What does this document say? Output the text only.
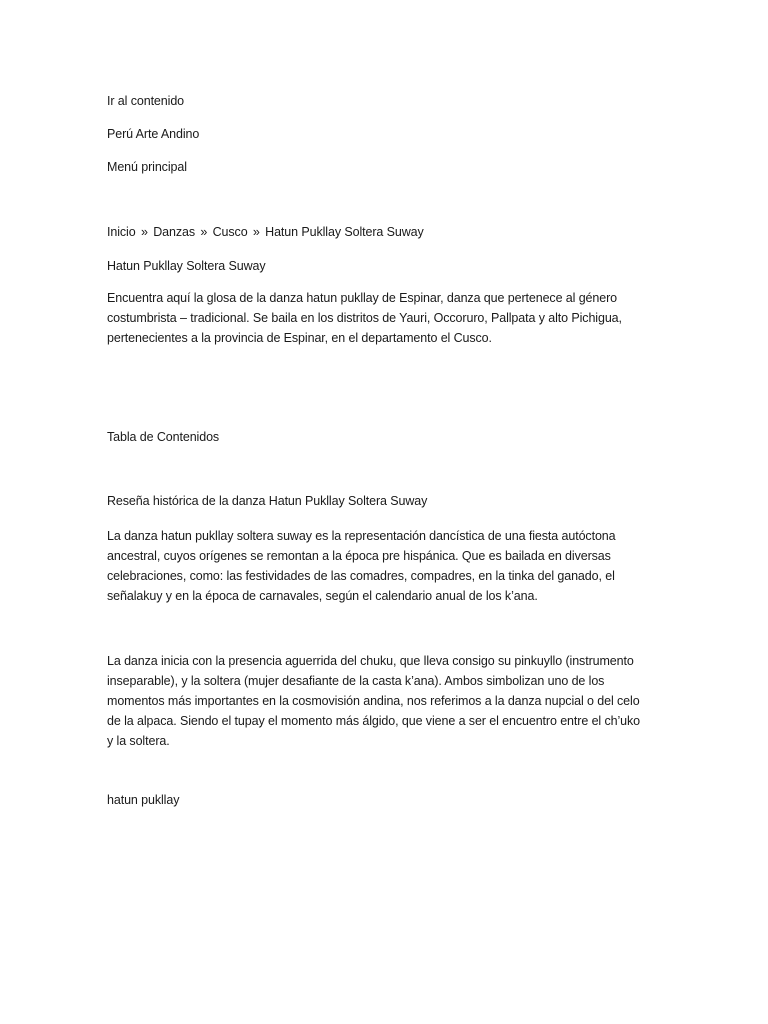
Ir al contenido
Perú Arte Andino
Menú principal
Inicio » Danzas » Cusco » Hatun Pukllay Soltera Suway
Hatun Pukllay Soltera Suway

Encuentra aquí la glosa de la danza hatun pukllay de Espinar, danza que pertenece al género

costumbrista – tradicional. Se baila en los distritos de Yauri, Occoruro, Pallpata y alto Pichigua,

pertenecientes a la provincia de Espinar, en el departamento el Cusco.

Tabla de Contenidos
Reseña histórica de la danza Hatun Pukllay Soltera Suway

La danza hatun pukllay soltera suway es la representación dancística de una fiesta autóctona

ancestral, cuyos orígenes se remontan a la época pre hispánica. Que es bailada en diversas

celebraciones, como: las festividades de las comadres, compadres, en la tinka del ganado, el

señalakuy y en la época de carnavales, según el calendario anual de los k’ana.

La danza inicia con la presencia aguerrida del chuku, que lleva consigo su pinkuyllo (instrumento

inseparable), y la soltera (mujer desafiante de la casta k’ana). Ambos simbolizan uno de los

momentos más importantes en la cosmovisión andina, nos referimos a la danza nupcial o del celo

de la alpaca. Siendo el tupay el momento más álgido, que viene a ser el encuentro entre el ch’uko

y la soltera.

hatun pukllay
